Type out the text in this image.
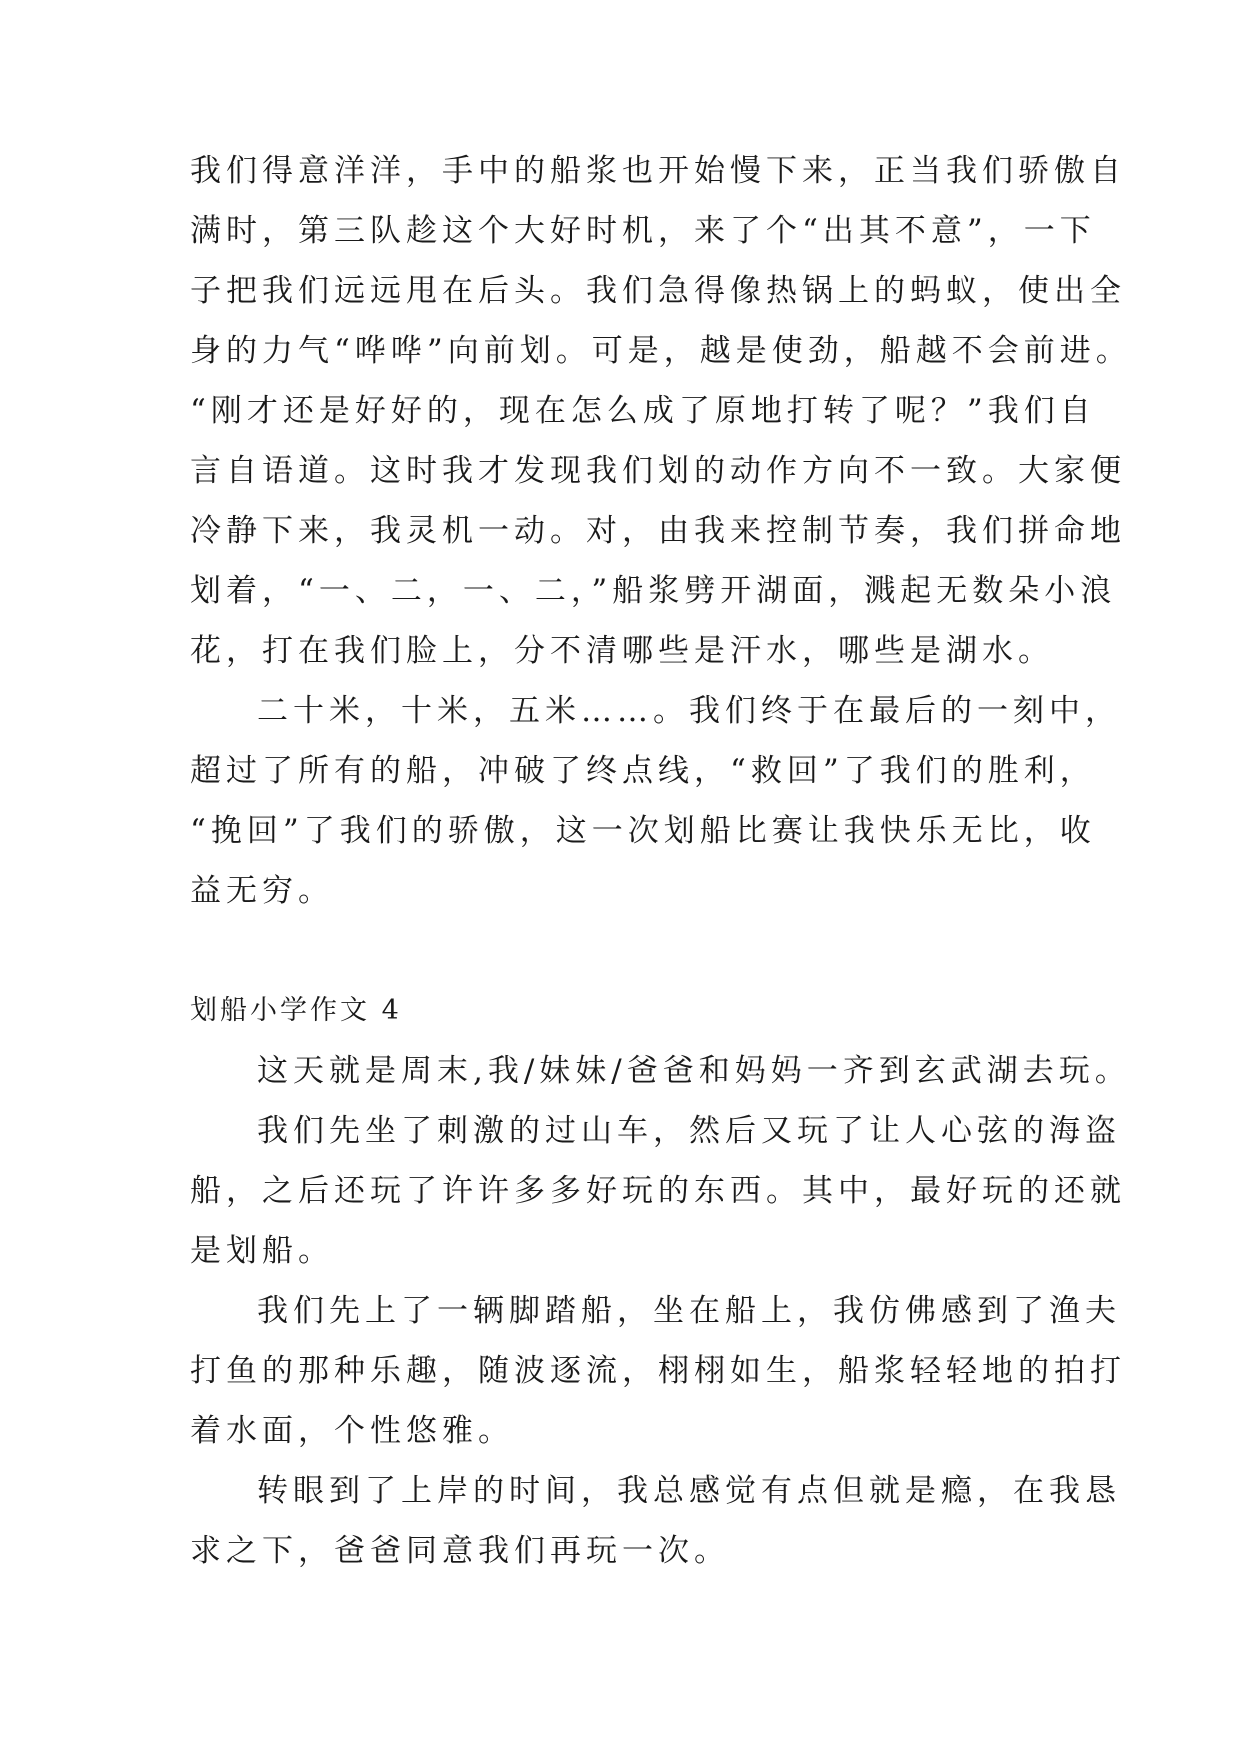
我们得意洋洋，手中的船浆也开始慢下来，正当我们骄傲自
满时，第三队趁这个大好时机，来了个“出其不意”，一下
子把我们远远甩在后头。我们急得像热锅上的蚂蚁，使出全
身的力气“哗哗”向前划。可是，越是使劲，船越不会前进。
“刚才还是好好的，现在怎么成了原地打转了呢？”我们自
言自语道。这时我才发现我们划的动作方向不一致。大家便
冷静下来，我灵机一动。对，由我来控制节奏，我们拼命地
划着，“一、二，一、二，”船浆劈开湖面，溅起无数朵小浪
花，打在我们脸上，分不清哪些是汗水，哪些是湖水。
二十米，十米，五米……。我们终于在最后的一刻中，
超过了所有的船，冲破了终点线，“救回”了我们的胜利，
“挽回”了我们的骄傲，这一次划船比赛让我快乐无比，收
益无穷。
划船小学作文 4
这天就是周末,我/妹妹/爸爸和妈妈一齐到玄武湖去玩。
我们先坐了刺激的过山车，然后又玩了让人心弦的海盗
船，之后还玩了许许多多好玩的东西。其中，最好玩的还就
是划船。
我们先上了一辆脚踏船，坐在船上，我仿佛感到了渔夫
打鱼的那种乐趣，随波逐流，栩栩如生，船浆轻轻地的拍打
着水面，个性悠雅。
转眼到了上岸的时间，我总感觉有点但就是瘾，在我恳
求之下，爸爸同意我们再玩一次。
